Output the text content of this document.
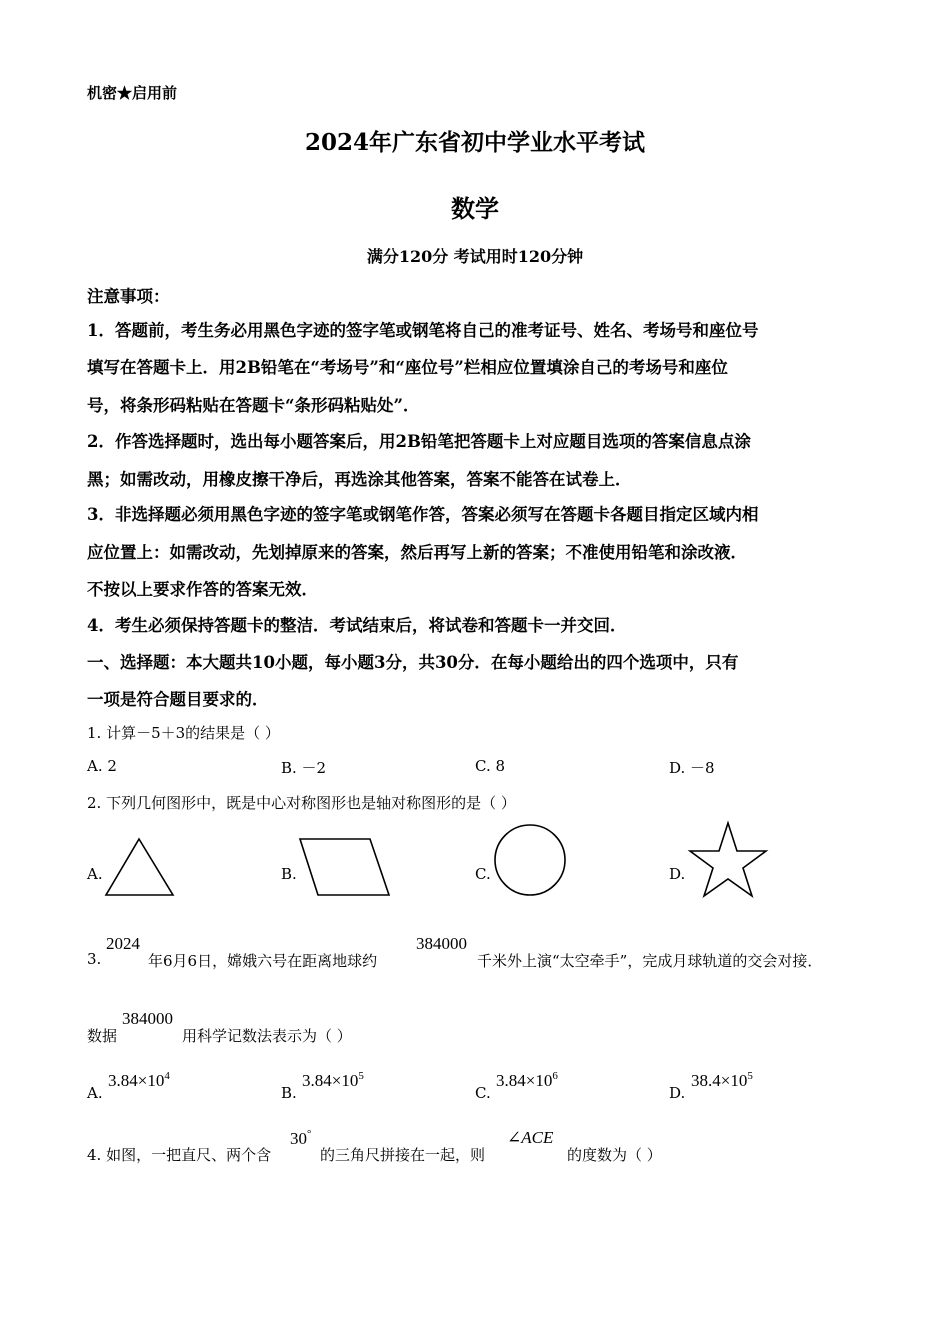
机密★启用前
2024年广东省初中学业水平考试
数学
满分120分 考试用时120分钟
注意事项：
1．答题前，考生务必用黑色字迹的签字笔或钢笔将自己的准考证号、姓名、考场号和座位号
填写在答题卡上．用2B铅笔在“考场号”和“座位号”栏相应位置填涂自己的考场号和座位
号，将条形码粘贴在答题卡“条形码粘贴处”．
2．作答选择题时，选出每小题答案后，用2B铅笔把答题卡上对应题目选项的答案信息点涂
黑；如需改动，用橡皮擦干净后，再选涂其他答案，答案不能答在试卷上．
3．非选择题必须用黑色字迹的签字笔或钢笔作答，答案必须写在答题卡各题目指定区域内相
应位置上：如需改动，先划掉原来的答案，然后再写上新的答案；不准使用铅笔和涂改液．
不按以上要求作答的答案无效．
4．考生必须保持答题卡的整洁．考试结束后，将试卷和答题卡一并交回．
一、选择题：本大题共10小题，每小题3分，共30分．在每小题给出的四个选项中，只有
一项是符合题目要求的．
1. 计算－5＋3的结果是（ ）
A. 2	B. －2	C. 8	D. －8
2. 下列几何图形中，既是中心对称图形也是轴对称图形的是（ ）
A.	B.	C.	D.
3.
2024
年6月6日，嫦娥六号在距离地球约
384000
千米外上演“太空牵手”，完成月球轨道的交会对接．
数据
384000
用科学记数法表示为（ ）
A.
$3.84\times 10^4$
B.
$3.84\times 10^5$
C.
$3.84\times 10^6$
D.
$38.4\times 10^5$
4. 如图，一把直尺、两个含
30°
的三角尺拼接在一起，则
∠ACE
的度数为（ ）
